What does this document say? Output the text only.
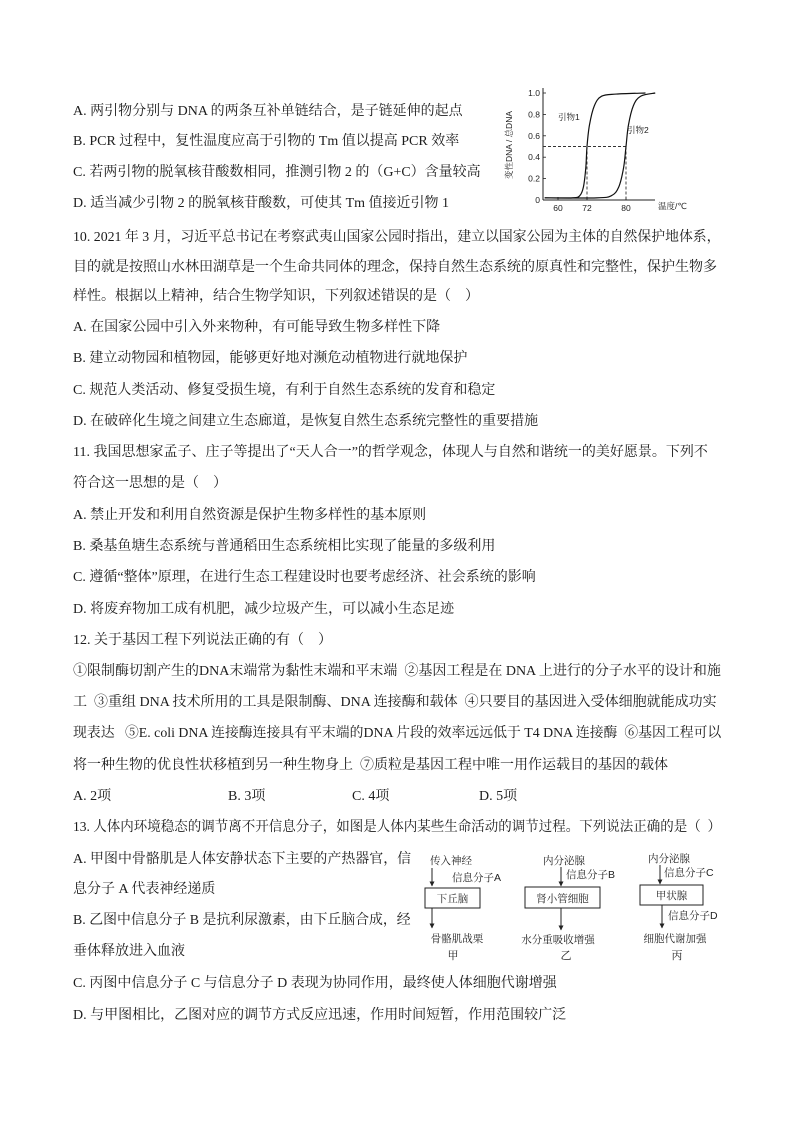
A. 两引物分别与 DNA 的两条互补单链结合，是子链延伸的起点
B. PCR 过程中，复性温度应高于引物的 Tm 值以提高 PCR 效率
C. 若两引物的脱氧核苷酸数相同，推测引物 2 的（G+C）含量较高
D. 适当减少引物 2 的脱氧核苷酸数，可使其 Tm 值接近引物 1	0
0.2
0.4
0.6
0.8
1.0
60 72	80	温度/℃
变性DNA / 总DNA	引物1
引物2
10. 2021 年 3 月，习近平总书记在考察武夷山国家公园时指出，建立以国家公园为主体的自然保护地体系，
目的就是按照山水林田湖草是一个生命共同体的理念，保持自然生态系统的原真性和完整性，保护生物多
样性。根据以上精神，结合生物学知识，下列叙述错误的是（    ）
A. 在国家公园中引入外来物种，有可能导致生物多样性下降
B. 建立动物园和植物园，能够更好地对濒危动植物进行就地保护
C. 规范人类活动、修复受损生境，有利于自然生态系统的发育和稳定
D. 在破碎化生境之间建立生态廊道，是恢复自然生态系统完整性的重要措施
11. 我国思想家孟子、庄子等提出了“天人合一”的哲学观念，体现人与自然和谐统一的美好愿景。下列不
符合这一思想的是（    ）
A. 禁止开发和利用自然资源是保护生物多样性的基本原则
B. 桑基鱼塘生态系统与普通稻田生态系统相比实现了能量的多级利用
C. 遵循“整体”原理，在进行生态工程建设时也要考虑经济、社会系统的影响
D. 将废弃物加工成有机肥，减少垃圾产生，可以减小生态足迹
12. 关于基因工程下列说法正确的有（    ）
①限制酶切割产生的DNA末端常为黏性末端和平末端  ②基因工程是在 DNA 上进行的分子水平的设计和施
工  ③重组 DNA 技术所用的工具是限制酶、DNA 连接酶和载体  ④只要目的基因进入受体细胞就能成功实
现表达   ⑤E. coli DNA 连接酶连接具有平末端的DNA 片段的效率远远低于 T4 DNA 连接酶  ⑥基因工程可以
将一种生物的优良性状移植到另一种生物身上  ⑦质粒是基因工程中唯一用作运载目的基因的载体
A. 2项	B. 3项	C. 4项	D. 5项
13. 人体内环境稳态的调节离不开信息分子，如图是人体内某些生命活动的调节过程。下列说法正确的是（  ）
A. 甲图中骨骼肌是人体安静状态下主要的产热器官，信
息分子 A 代表神经递质
B. 乙图中信息分子 B 是抗利尿激素，由下丘脑合成，经
垂体释放进入血液
C. 丙图中信息分子 C 与信息分子 D 表现为协同作用，最终使人体细胞代谢增强
D. 与甲图相比，乙图对应的调节方式反应迅速，作用时间短暂，作用范围较广泛
传入神经
信息分子A
下丘脑
骨骼肌战栗
甲
内分泌腺
信息分子B
肾小管细胞
水分重吸收增强
乙
内分泌腺
信息分子C
甲状腺
信息分子D
细胞代谢加强
丙
